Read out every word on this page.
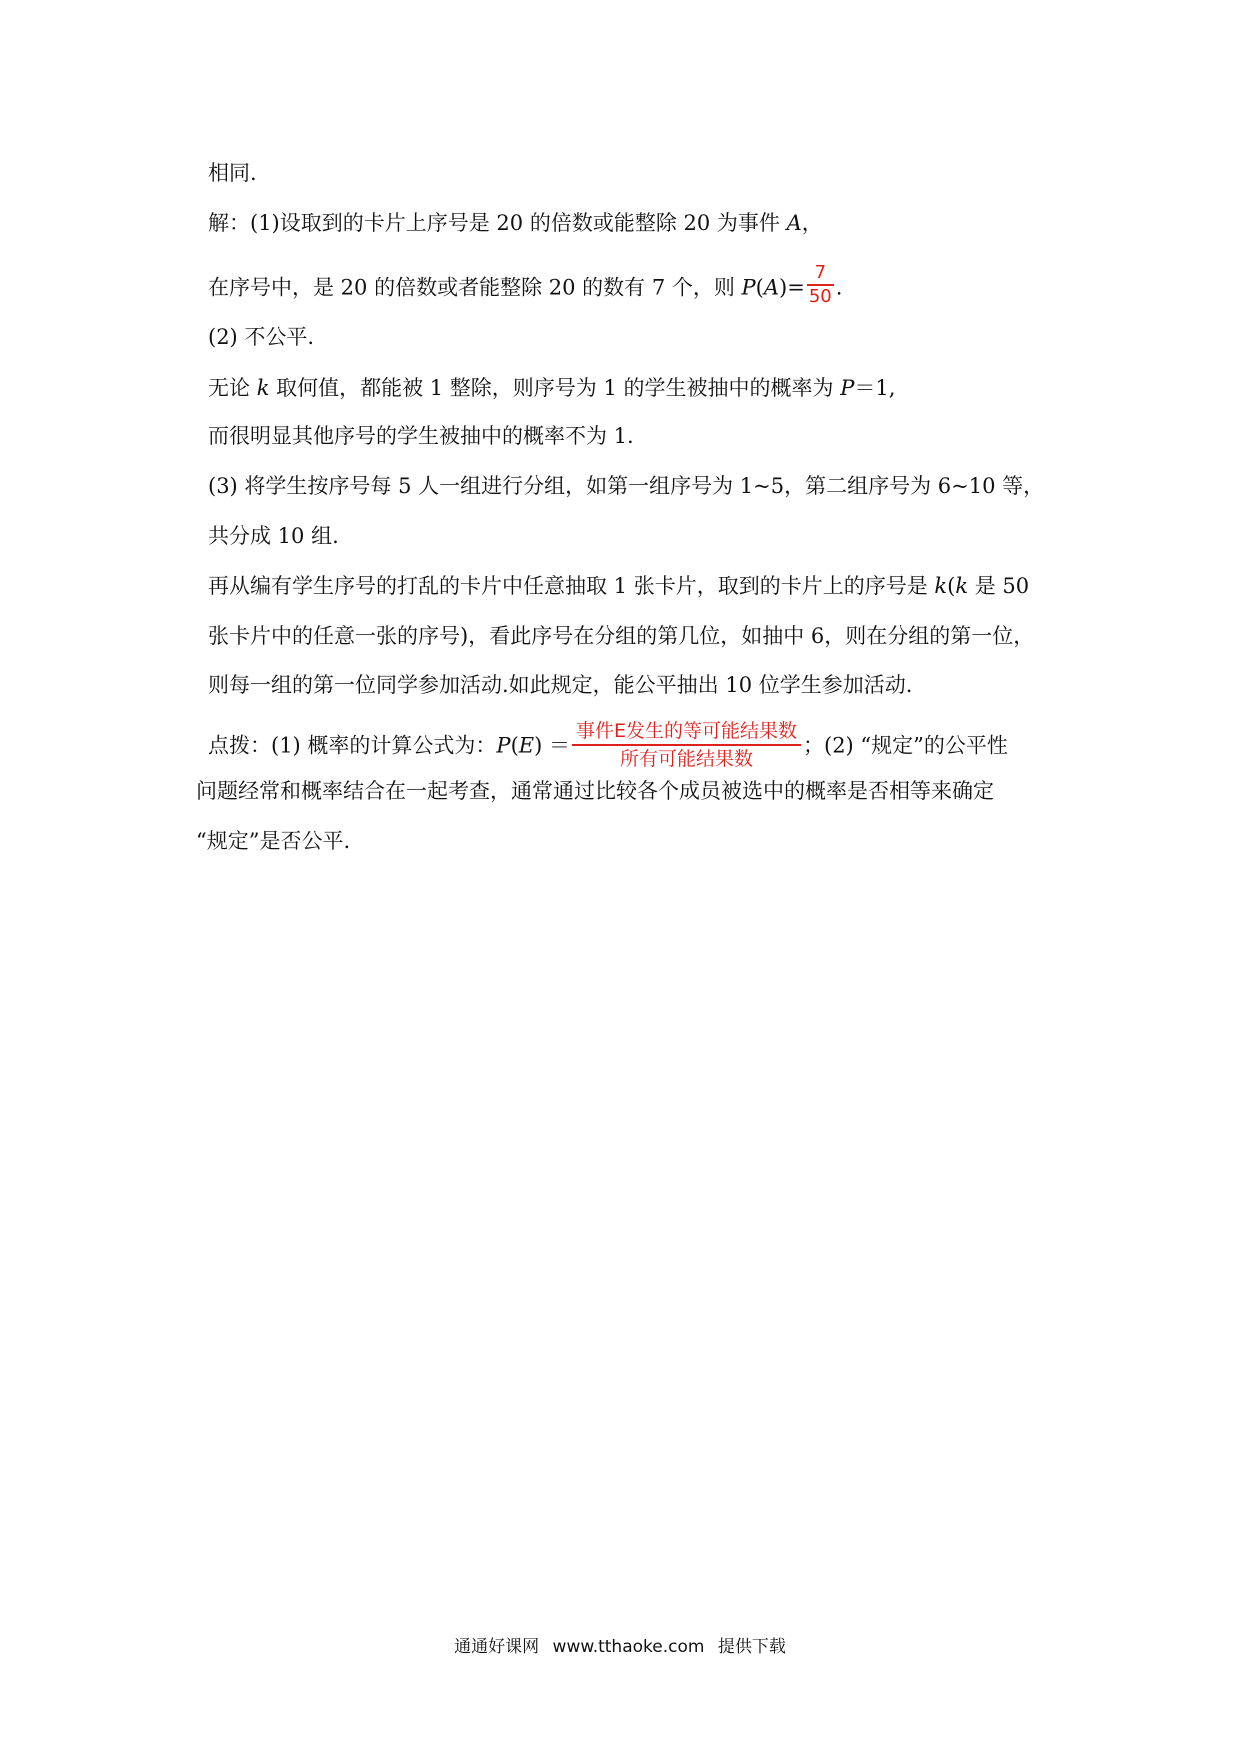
相同.
解：(1)设取到的卡片上序号是 20 的倍数或能整除 20 为事件 A，
在序号中，是 20 的倍数或者能整除 20 的数有 7 个，则 $P(A)= \frac{7}{50}$ .
(2) 不公平.
无论 k 取何值，都能被 1 整除，则序号为 1 的学生被抽中的概率为 P＝1,
而很明显其他序号的学生被抽中的概率不为 1.
(3) 将学生按序号每 5 人一组进行分组，如第一组序号为 1~5，第二组序号为 6~10 等，
共分成 10 组.
再从编有学生序号的打乱的卡片中任意抽取 1 张卡片，取到的卡片上的序号是 k(k 是 50
张卡片中的任意一张的序号)，看此序号在分组的第几位，如抽中 6，则在分组的第一位，
则每一组的第一位同学参加活动.如此规定，能公平抽出 10 位学生参加活动.
点拨：(1) 概率的计算公式为：$P(E) = \frac{\text{事件E发生的等可能结果数}}{\text{所有可能结果数}}$ ；(2) “规定”的公平性
问题经常和概率结合在一起考查，通常通过比较各个成员被选中的概率是否相等来确定
“规定”是否公平.
通通好课网 www.tthaoke.com 提供下载
